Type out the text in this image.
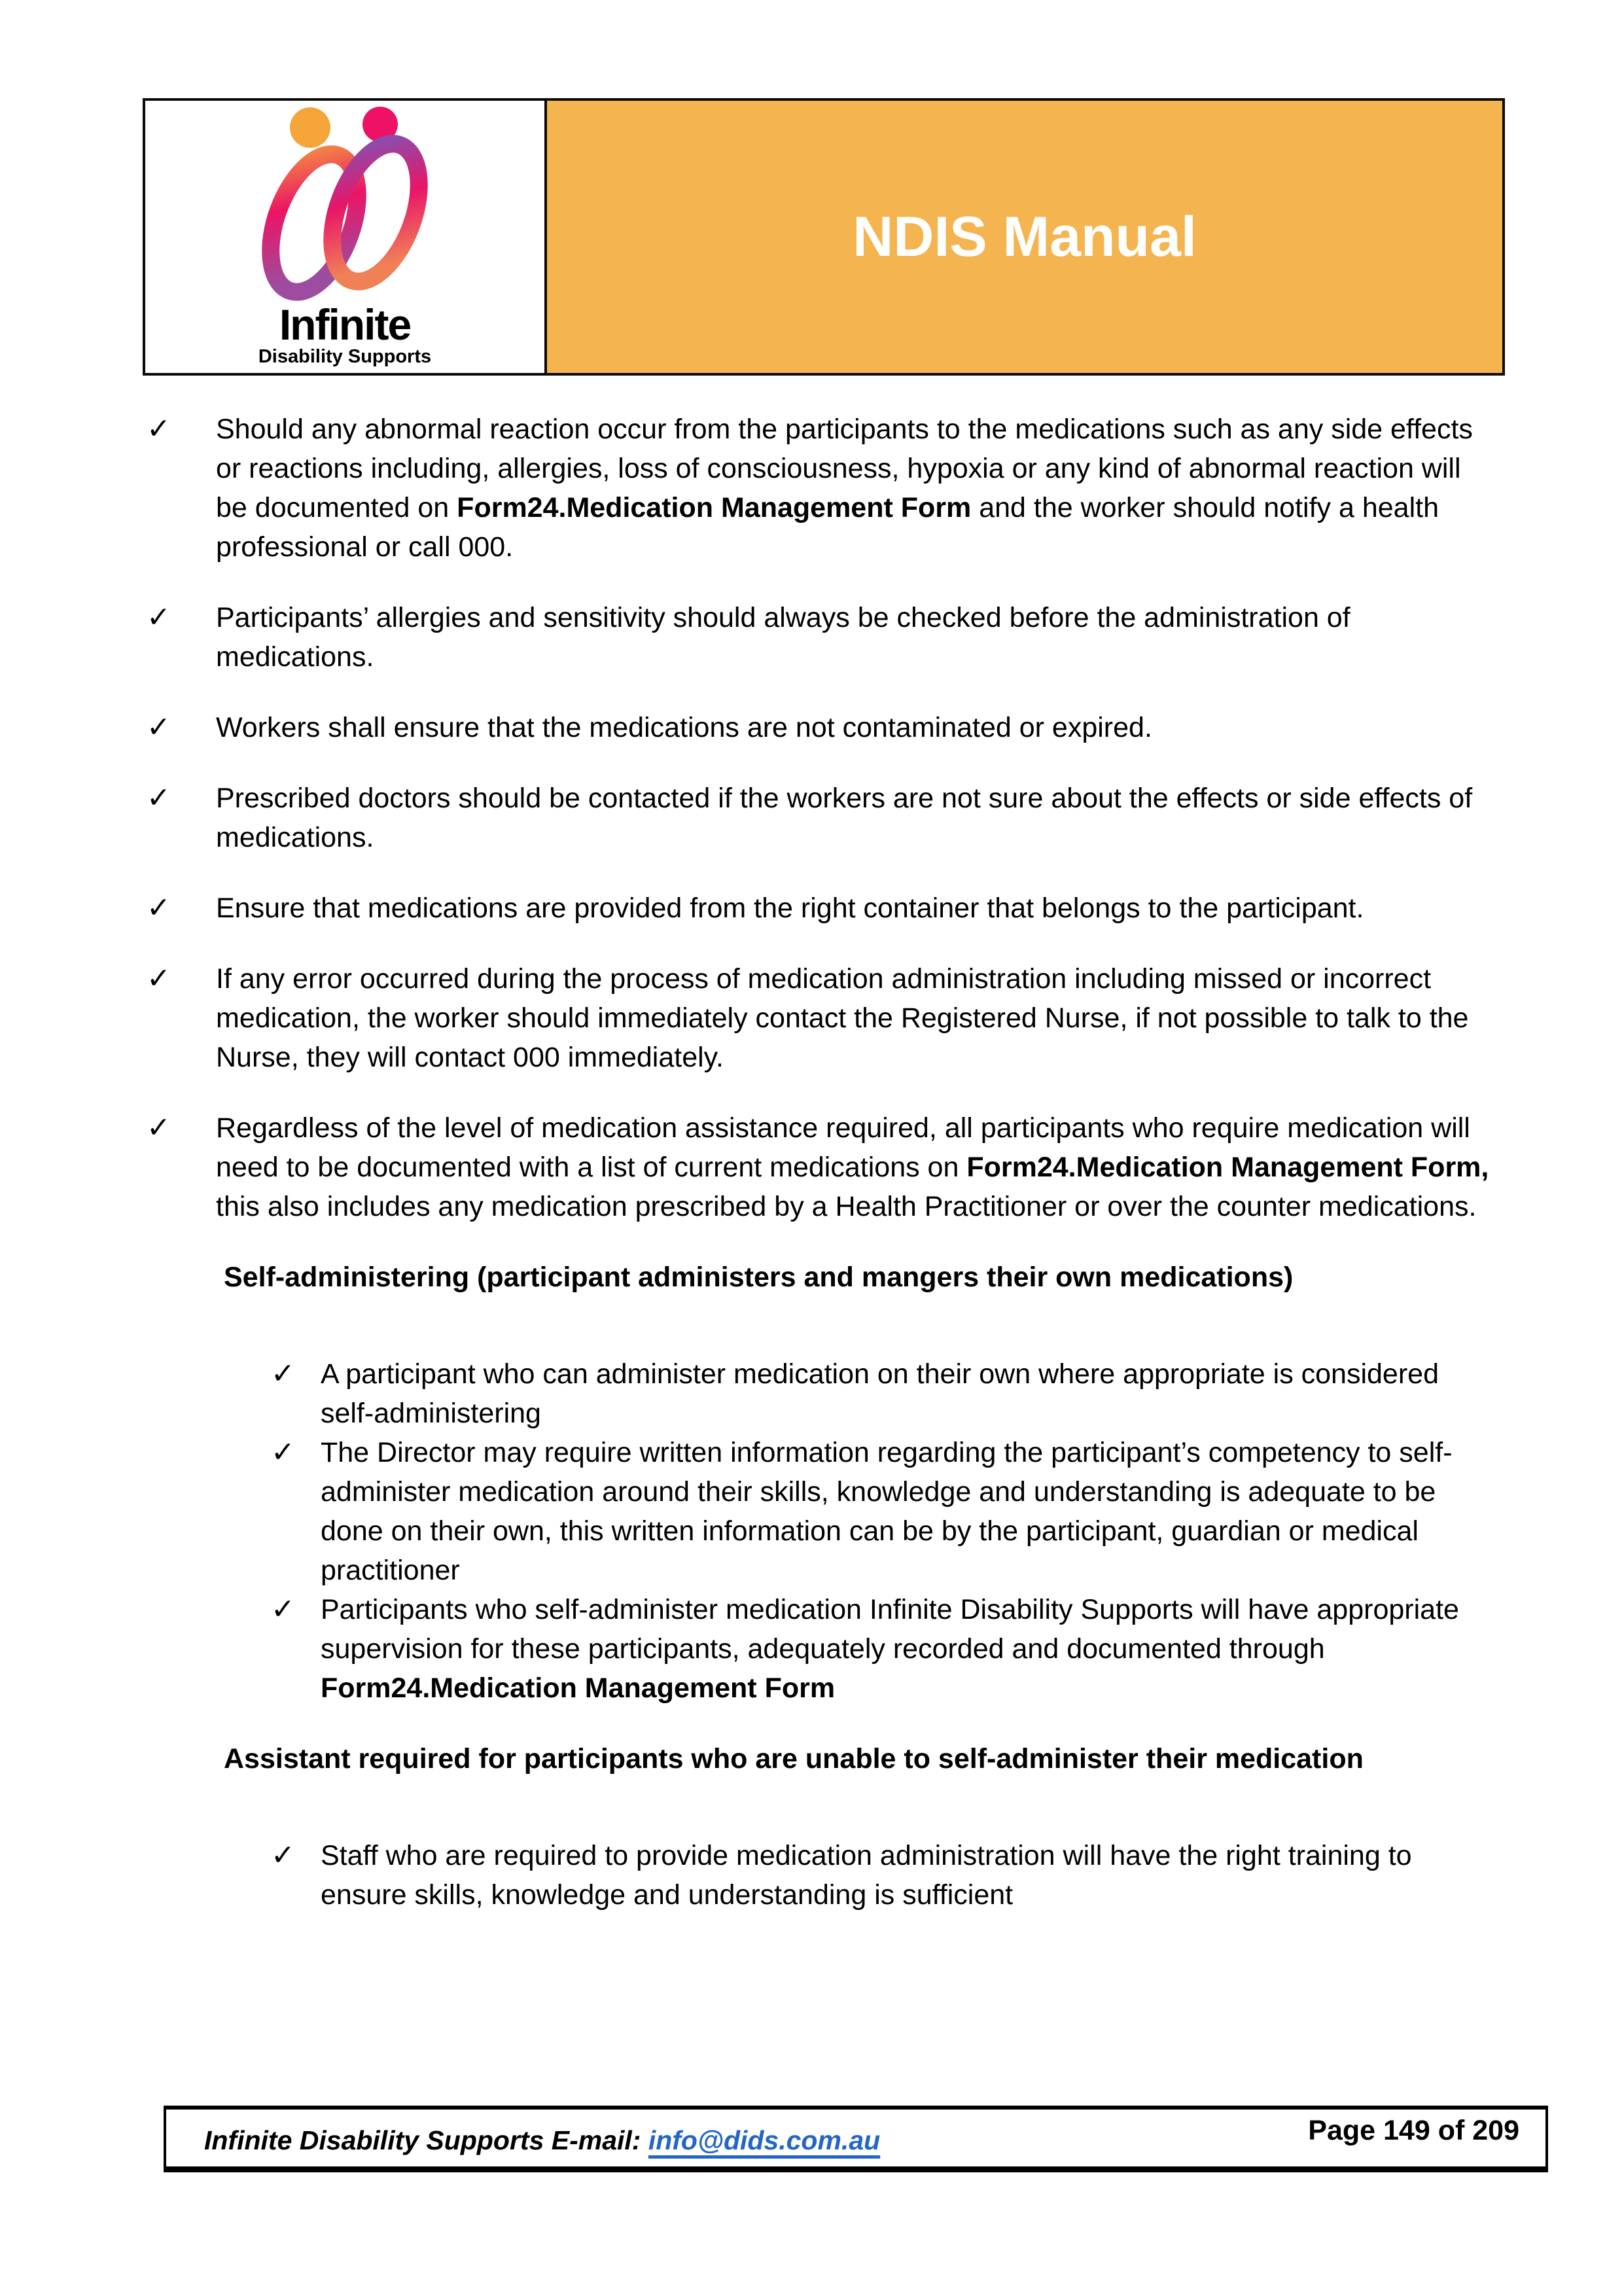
Infinite
Disability Supports
NDIS Manual
✓	Should any abnormal reaction occur from the participants to the medications such as any side effects or reactions including, allergies, loss of consciousness, hypoxia or any kind of abnormal reaction will be documented on Form24.Medication Management Form and the worker should notify a health professional or call 000.
✓	Participants’ allergies and sensitivity should always be checked before the administration of medications.
✓	Workers shall ensure that the medications are not contaminated or expired.
✓	Prescribed doctors should be contacted if the workers are not sure about the effects or side effects of medications.
✓	Ensure that medications are provided from the right container that belongs to the participant.
✓	If any error occurred during the process of medication administration including missed or incorrect medication, the worker should immediately contact the Registered Nurse, if not possible to talk to the Nurse, they will contact 000 immediately.
✓	Regardless of the level of medication assistance required, all participants who require medication will need to be documented with a list of current medications on Form24.Medication Management Form, this also includes any medication prescribed by a Health Practitioner or over the counter medications.
Self-administering (participant administers and mangers their own medications)
✓ A participant who can administer medication on their own where appropriate is considered self-administering
✓ The Director may require written information regarding the participant’s competency to self-administer medication around their skills, knowledge and understanding is adequate to be done on their own, this written information can be by the participant, guardian or medical practitioner
✓ Participants who self-administer medication Infinite Disability Supports will have appropriate supervision for these participants, adequately recorded and documented through Form24.Medication Management Form
Assistant required for participants who are unable to self-administer their medication
✓ Staff who are required to provide medication administration will have the right training to ensure skills, knowledge and understanding is sufficient
Infinite Disability Supports E-mail: info@dids.com.au	Page 149 of 209
